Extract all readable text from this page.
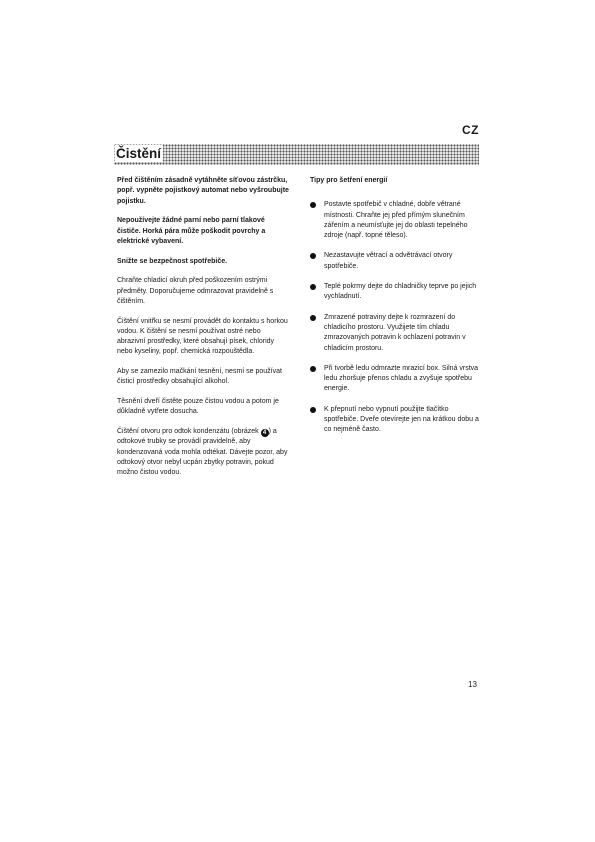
CZ
Čistění

Před čištěním zásadně vytáhněte síťovou zástrčku, popř. vypněte pojistkový automat nebo vyšroubujte pojistku.

Nepoužívejte žádné parní nebo parní tlakové čističe. Horká pára může poškodit povrchy a elektrické vybavení.

Snižte se bezpečnost spotřebiče.

Chraňte chladicí okruh před poškozením ostrými předměty. Doporučujeme odmrazovat pravidelně s čištěním.

Čištění vnitřku se nesmí provádět do kontaktu s horkou vodou. K čištění se nesmí používat ostré nebo abrazivní prostředky, které obsahují písek, chloridy nebo kyseliny, popř. chemická rozpouštědla.

Aby se zamezilo mačkání tesnění, nesmí se používat čisticí prostředky obsahující alkohol.

Těsnění dveří čistěte pouze čistou vodou a potom je důkladně vytřete dosucha.

Čištění otvoru pro odtok kondenzátu (obrázek 4 ) a odtokové trubky se provádí pravidelně, aby kondenzovaná voda mohla odtékat. Dávejte pozor, aby odtokový otvor nebyl ucpán zbytky potravin, pokud možno čistou vodou.

Tipy pro šetření energií

Postavte spotřebič v chladné, dobře větrané místnosti. Chraňte jej před přímým slunečním zářením a neumísťujte jej do oblasti tepelného zdroje (např. topné těleso).
Nezastavujte větrací a odvětrávací otvory spotřebiče.
Teplé pokrmy dejte do chladničky teprve po jejich vychladnutí.
Zmrazené potraviny dejte k rozmrazení do chladicího prostoru. Využijete tím chladu zmrazovaných potravin k ochlazení potravin v chladicím prostoru.
Při tvorbě ledu odmrazte mrazicí box. Silná vrstva ledu zhoršuje přenos chladu a zvyšuje spotřebu energie.
K přepnutí nebo vypnutí použijte tlačítko spotřebiče. Dveře otevírejte jen na krátkou dobu a co nejméně často.
13
